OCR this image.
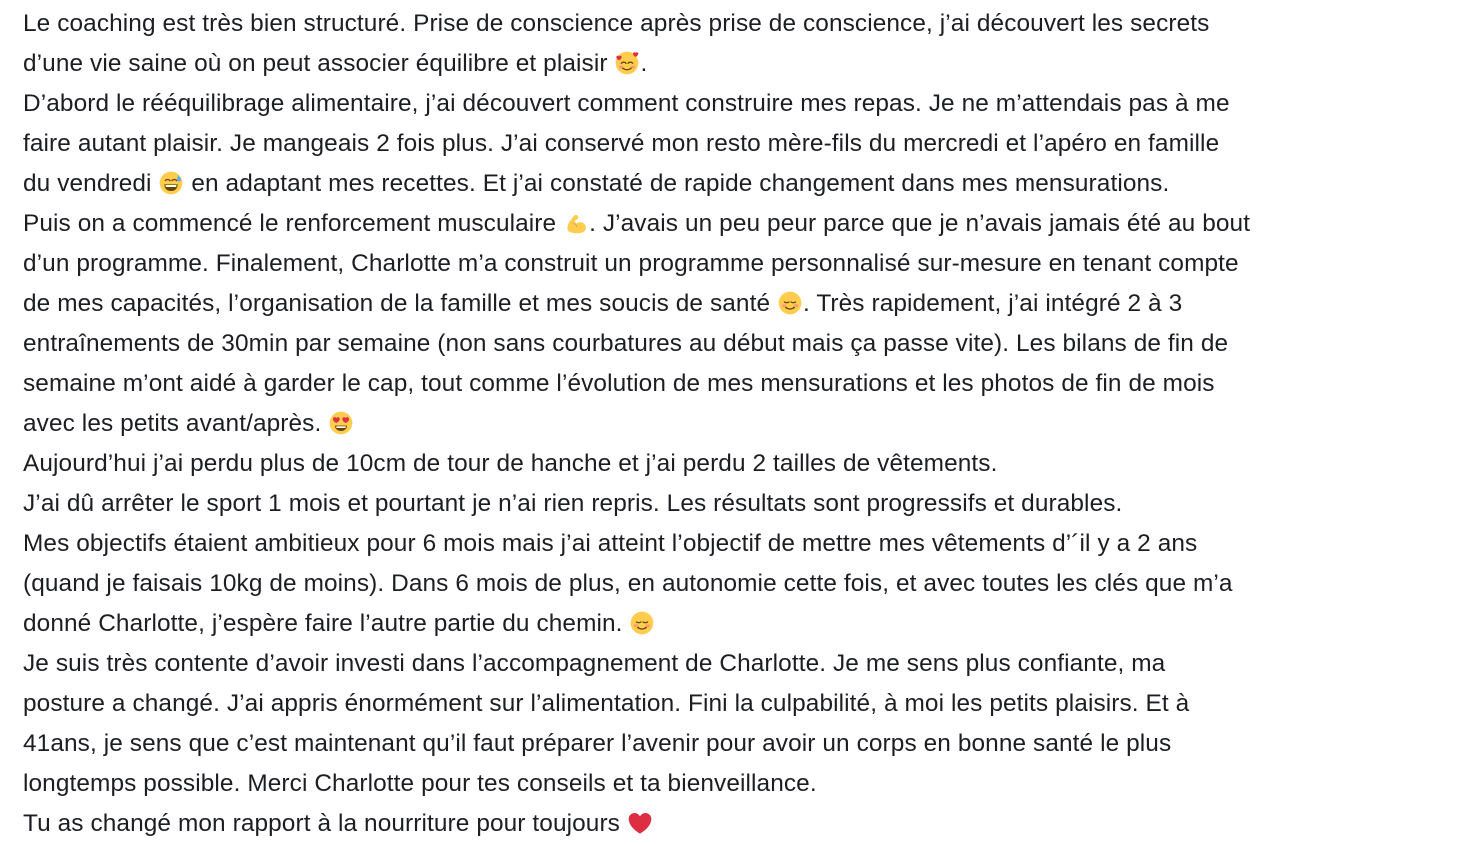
Le coaching est très bien structuré. Prise de conscience après prise de conscience, j’ai découvert les secrets
d’une vie saine où on peut associer équilibre et plaisir
.
D’abord le rééquilibrage alimentaire, j’ai découvert comment construire mes repas. Je ne m’attendais pas à me
faire autant plaisir. Je mangeais 2 fois plus. J’ai conservé mon resto mère-fils du mercredi et l’apéro en famille
du vendredi
en adaptant mes recettes. Et j’ai constaté de rapide changement dans mes mensurations.
Puis on a commencé le renforcement musculaire
. J’avais un peu peur parce que je n’avais jamais été au bout
d’un programme. Finalement, Charlotte m’a construit un programme personnalisé sur-mesure en tenant compte
de mes capacités, l’organisation de la famille et mes soucis de santé
. Très rapidement, j’ai intégré 2 à 3
entraînements de 30min par semaine (non sans courbatures au début mais ça passe vite). Les bilans de fin de
semaine m’ont aidé à garder le cap, tout comme l’évolution de mes mensurations et les photos de fin de mois
avec les petits avant/après.
Aujourd’hui j’ai perdu plus de 10cm de tour de hanche et j’ai perdu 2 tailles de vêtements.
J’ai dû arrêter le sport 1 mois et pourtant je n’ai rien repris. Les résultats sont progressifs et durables.
Mes objectifs étaient ambitieux pour 6 mois mais j’ai atteint l’objectif de mettre mes vêtements d’´il y a 2 ans
(quand je faisais 10kg de moins). Dans 6 mois de plus, en autonomie cette fois, et avec toutes les clés que m’a
donné Charlotte, j’espère faire l’autre partie du chemin.
Je suis très contente d’avoir investi dans l’accompagnement de Charlotte. Je me sens plus confiante, ma
posture a changé. J’ai appris énormément sur l’alimentation. Fini la culpabilité, à moi les petits plaisirs. Et à
41ans, je sens que c’est maintenant qu’il faut préparer l’avenir pour avoir un corps en bonne santé le plus
longtemps possible. Merci Charlotte pour tes conseils et ta bienveillance.
Tu as changé mon rapport à la nourriture pour toujours
